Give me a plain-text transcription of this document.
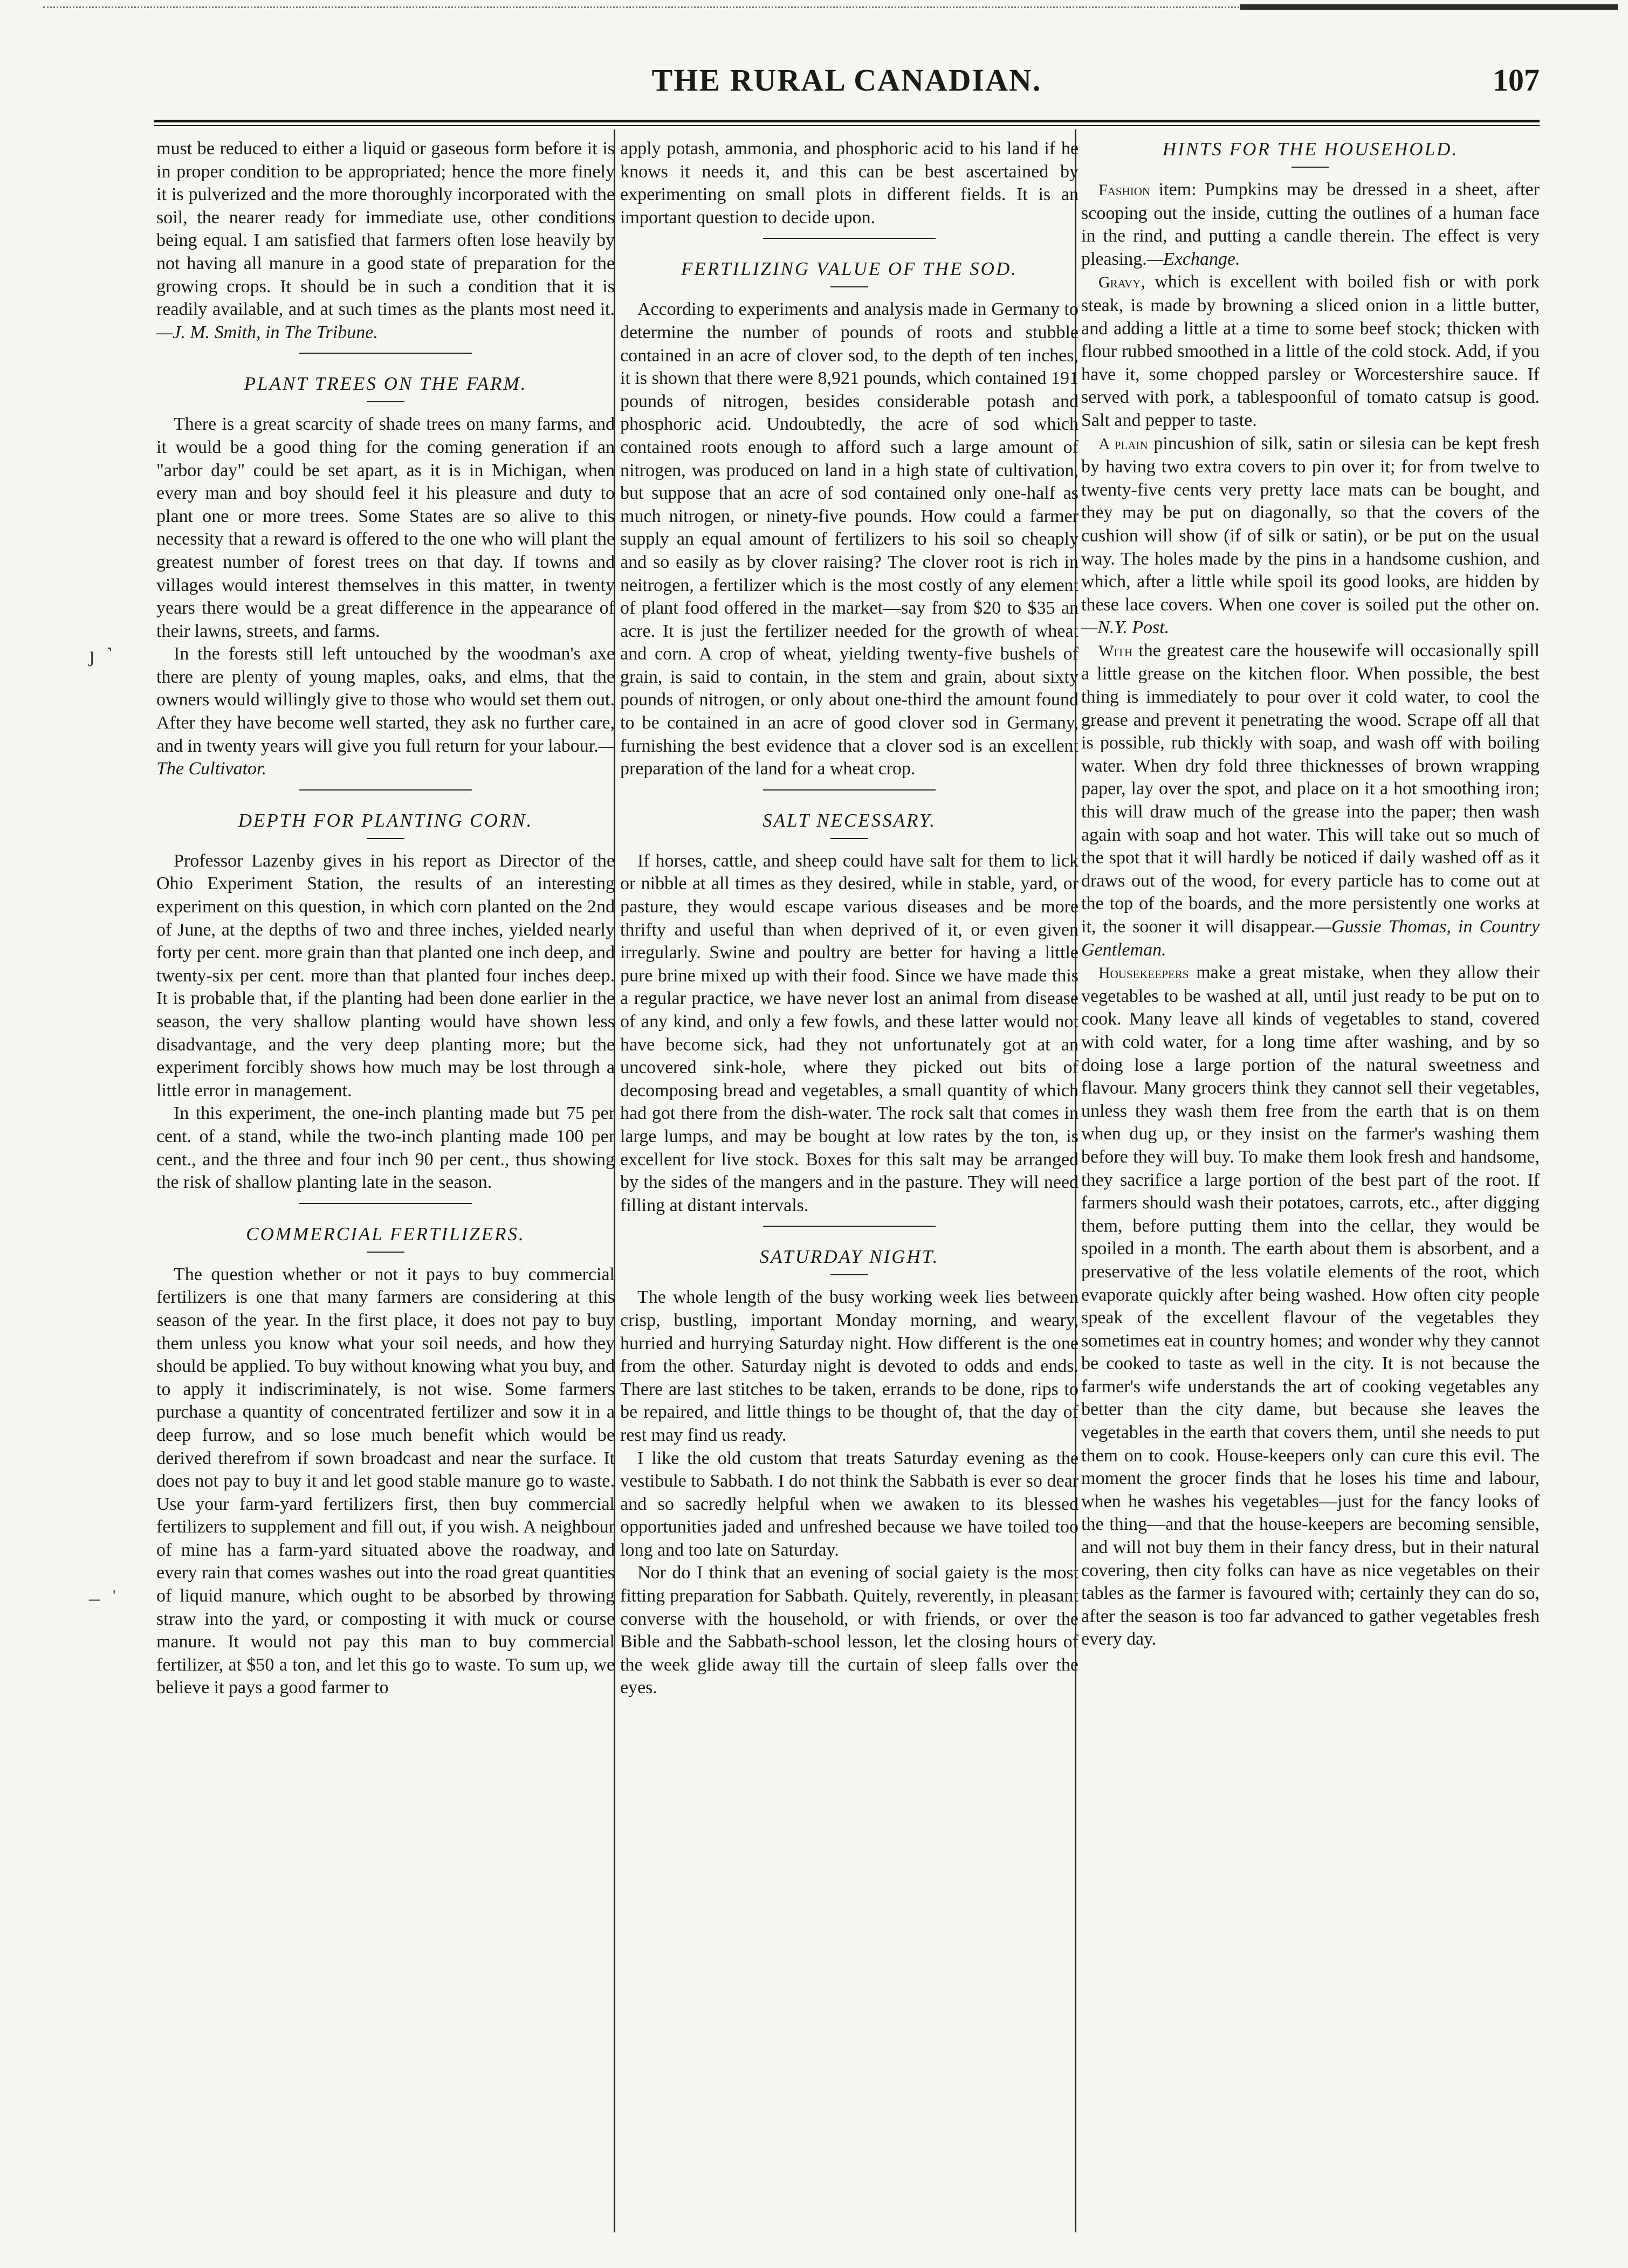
THE RURAL CANADIAN.	107
ȷ  ˺
–  ˈ

must be reduced to either a liquid or gaseous form before it is in proper condition to be appropriated; hence the more finely it is pulverized and the more thoroughly incorporated with the soil, the nearer ready for immediate use, other conditions being equal. I am satisfied that farmers often lose heavily by not having all manure in a good state of preparation for the growing crops. It should be in such a condition that it is readily available, and at such times as the plants most need it.—J. M. Smith, in The Tribune.

PLANT TREES ON THE FARM.

There is a great scarcity of shade trees on many farms, and it would be a good thing for the coming generation if an "arbor day" could be set apart, as it is in Michigan, when every man and boy should feel it his pleasure and duty to plant one or more trees. Some States are so alive to this necessity that a reward is offered to the one who will plant the greatest number of forest trees on that day. If towns and villages would interest themselves in this matter, in twenty years there would be a great difference in the appearance of their lawns, streets, and farms.

In the forests still left untouched by the woodman's axe there are plenty of young maples, oaks, and elms, that the owners would willingly give to those who would set them out. After they have become well started, they ask no further care, and in twenty years will give you full return for your labour.—The Cultivator.

DEPTH FOR PLANTING CORN.

Professor Lazenby gives in his report as Director of the Ohio Experiment Station, the results of an interesting experiment on this question, in which corn planted on the 2nd of June, at the depths of two and three inches, yielded nearly forty per cent. more grain than that planted one inch deep, and twenty-six per cent. more than that planted four inches deep. It is probable that, if the planting had been done earlier in the season, the very shallow planting would have shown less disadvantage, and the very deep planting more; but the experiment forcibly shows how much may be lost through a little error in management.

In this experiment, the one-inch planting made but 75 per cent. of a stand, while the two-inch planting made 100 per cent., and the three and four inch 90 per cent., thus showing the risk of shallow planting late in the season.

COMMERCIAL FERTILIZERS.

The question whether or not it pays to buy commercial fertilizers is one that many farmers are considering at this season of the year. In the first place, it does not pay to buy them unless you know what your soil needs, and how they should be applied. To buy without knowing what you buy, and to apply it indiscriminately, is not wise. Some farmers purchase a quantity of concentrated fertilizer and sow it in a deep furrow, and so lose much benefit which would be derived therefrom if sown broadcast and near the surface. It does not pay to buy it and let good stable manure go to waste. Use your farm-yard fertilizers first, then buy commercial fertilizers to supplement and fill out, if you wish. A neighbour of mine has a farm-yard situated above the roadway, and every rain that comes washes out into the road great quantities of liquid manure, which ought to be absorbed by throwing straw into the yard, or composting it with muck or course manure. It would not pay this man to buy commercial fertilizer, at $50 a ton, and let this go to waste. To sum up, we believe it pays a good farmer to

apply potash, ammonia, and phosphoric acid to his land if he knows it needs it, and this can be best ascertained by experimenting on small plots in different fields. It is an important question to decide upon.

FERTILIZING VALUE OF THE SOD.

According to experiments and analysis made in Germany to determine the number of pounds of roots and stubble contained in an acre of clover sod, to the depth of ten inches, it is shown that there were 8,921 pounds, which contained 191 pounds of nitrogen, besides considerable potash and phosphoric acid. Undoubtedly, the acre of sod which contained roots enough to afford such a large amount of nitrogen, was produced on land in a high state of cultivation, but suppose that an acre of sod contained only one-half as much nitrogen, or ninety-five pounds. How could a farmer supply an equal amount of fertilizers to his soil so cheaply and so easily as by clover raising? The clover root is rich in neitrogen, a fertilizer which is the most costly of any element of plant food offered in the market—say from $20 to $35 an acre. It is just the fertilizer needed for the growth of wheat and corn. A crop of wheat, yielding twenty-five bushels of grain, is said to contain, in the stem and grain, about sixty pounds of nitrogen, or only about one-third the amount found to be contained in an acre of good clover sod in Germany, furnishing the best evidence that a clover sod is an excellent preparation of the land for a wheat crop.

SALT NECESSARY.

If horses, cattle, and sheep could have salt for them to lick or nibble at all times as they desired, while in stable, yard, or pasture, they would escape various diseases and be more thrifty and useful than when deprived of it, or even given irregularly. Swine and poultry are better for having a little pure brine mixed up with their food. Since we have made this a regular practice, we have never lost an animal from disease of any kind, and only a few fowls, and these latter would not have become sick, had they not unfortunately got at an uncovered sink-hole, where they picked out bits of decomposing bread and vegetables, a small quantity of which had got there from the dish-water. The rock salt that comes in large lumps, and may be bought at low rates by the ton, is excellent for live stock. Boxes for this salt may be arranged by the sides of the mangers and in the pasture. They will need filling at distant intervals.

SATURDAY NIGHT.

The whole length of the busy working week lies between crisp, bustling, important Monday morning, and weary, hurried and hurrying Saturday night. How different is the one from the other. Saturday night is devoted to odds and ends. There are last stitches to be taken, errands to be done, rips to be repaired, and little things to be thought of, that the day of rest may find us ready.

I like the old custom that treats Saturday evening as the vestibule to Sabbath. I do not think the Sabbath is ever so dear and so sacredly helpful when we awaken to its blessed opportunities jaded and unfreshed because we have toiled too long and too late on Saturday.

Nor do I think that an evening of social gaiety is the most fitting preparation for Sabbath. Quitely, reverently, in pleasant converse with the household, or with friends, or over the Bible and the Sabbath-school lesson, let the closing hours of the week glide away till the curtain of sleep falls over the eyes.

HINTS FOR THE HOUSEHOLD.

Fashion item: Pumpkins may be dressed in a sheet, after scooping out the inside, cutting the outlines of a human face in the rind, and putting a candle therein. The effect is very pleasing.—Exchange.

Gravy, which is excellent with boiled fish or with pork steak, is made by browning a sliced onion in a little butter, and adding a little at a time to some beef stock; thicken with flour rubbed smoothed in a little of the cold stock. Add, if you have it, some chopped parsley or Worcestershire sauce. If served with pork, a tablespoonful of tomato catsup is good. Salt and pepper to taste.

A plain pincushion of silk, satin or silesia can be kept fresh by having two extra covers to pin over it; for from twelve to twenty-five cents very pretty lace mats can be bought, and they may be put on diagonally, so that the covers of the cushion will show (if of silk or satin), or be put on the usual way. The holes made by the pins in a handsome cushion, and which, after a little while spoil its good looks, are hidden by these lace covers. When one cover is soiled put the other on.—N.Y. Post.

With the greatest care the housewife will occasionally spill a little grease on the kitchen floor. When possible, the best thing is immediately to pour over it cold water, to cool the grease and prevent it penetrating the wood. Scrape off all that is possible, rub thickly with soap, and wash off with boiling water. When dry fold three thicknesses of brown wrapping paper, lay over the spot, and place on it a hot smoothing iron; this will draw much of the grease into the paper; then wash again with soap and hot water. This will take out so much of the spot that it will hardly be noticed if daily washed off as it draws out of the wood, for every particle has to come out at the top of the boards, and the more persistently one works at it, the sooner it will disappear.—Gussie Thomas, in Country Gentleman.

Housekeepers make a great mistake, when they allow their vegetables to be washed at all, until just ready to be put on to cook. Many leave all kinds of vegetables to stand, covered with cold water, for a long time after washing, and by so doing lose a large portion of the natural sweetness and flavour. Many grocers think they cannot sell their vegetables, unless they wash them free from the earth that is on them when dug up, or they insist on the farmer's washing them before they will buy. To make them look fresh and handsome, they sacrifice a large portion of the best part of the root. If farmers should wash their potatoes, carrots, etc., after digging them, before putting them into the cellar, they would be spoiled in a month. The earth about them is absorbent, and a preservative of the less volatile elements of the root, which evaporate quickly after being washed. How often city people speak of the excellent flavour of the vegetables they sometimes eat in country homes; and wonder why they cannot be cooked to taste as well in the city. It is not because the farmer's wife understands the art of cooking vegetables any better than the city dame, but because she leaves the vegetables in the earth that covers them, until she needs to put them on to cook. House-keepers only can cure this evil. The moment the grocer finds that he loses his time and labour, when he washes his vegetables—just for the fancy looks of the thing—and that the house-keepers are becoming sensible, and will not buy them in their fancy dress, but in their natural covering, then city folks can have as nice vegetables on their tables as the farmer is favoured with; certainly they can do so, after the season is too far advanced to gather vegetables fresh every day.
